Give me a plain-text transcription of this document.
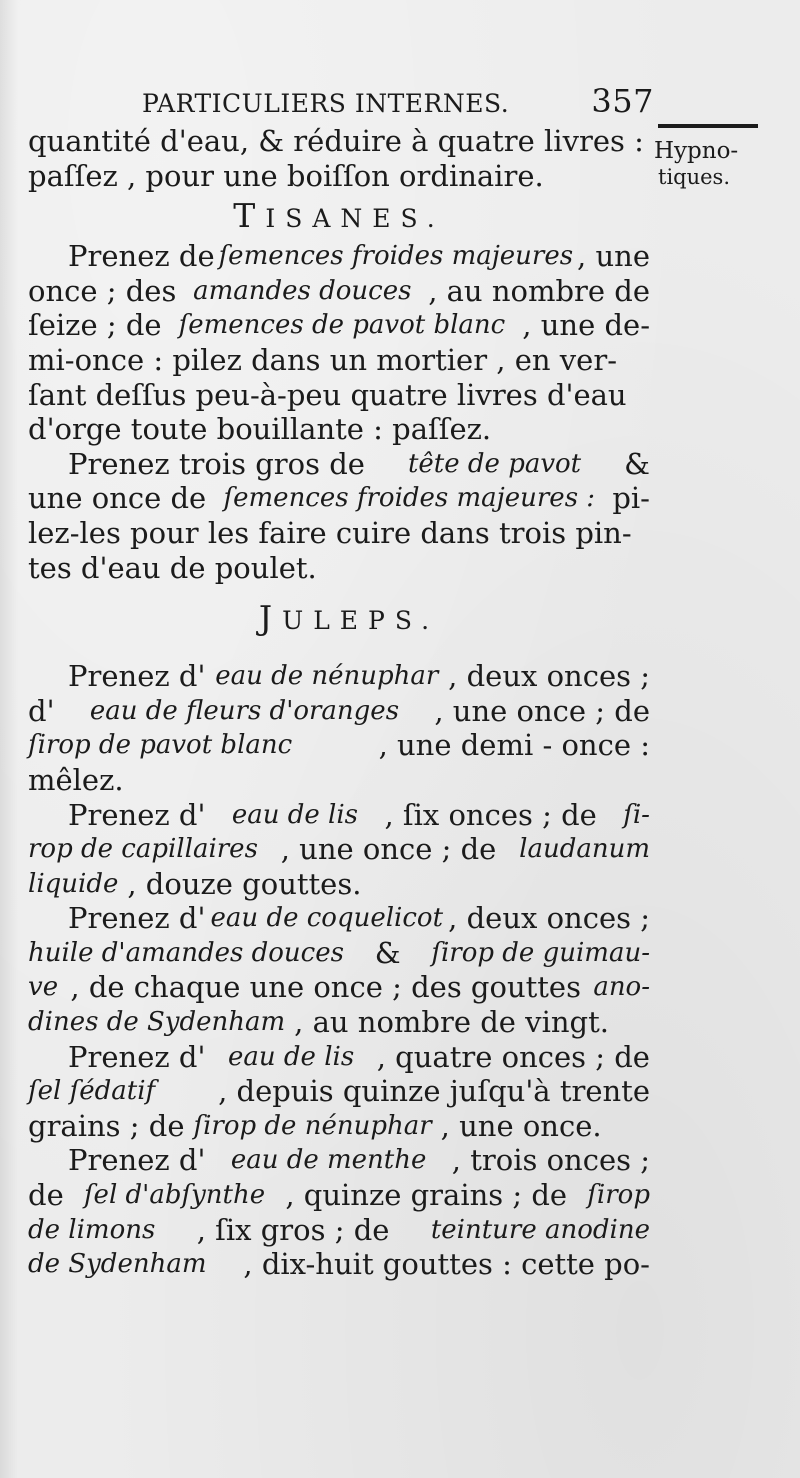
PARTICULIERS INTERNES.	357
Hypno-
tiques.
quantité d'eau, & réduire à quatre livres :
paſſez , pour une boiſſon ordinaire.
TISANES.
Prenez de ſemences froides majeures , une
once ; des amandes douces , au nombre de
ſeize ; de ſemences de pavot blanc , une de-
mi-once : pilez dans un mortier , en ver-
ſant deſſus peu-à-peu quatre livres d'eau
d'orge toute bouillante : paſſez.
Prenez trois gros de tête de pavot &
une once de ſemences froides majeures : pi-
lez-les pour les faire cuire dans trois pin-
tes d'eau de poulet.
JULEPS.
Prenez d' eau de nénuphar , deux onces ;
d' eau de fleurs d'oranges , une once ; de
ſirop de pavot blanc	, une demi - once :
mêlez.
Prenez d' eau de lis , ſix onces ; de ſi-
rop de capillaires , une once ; de laudanum
liquide , douze gouttes.
Prenez d' eau de coquelicot , deux onces ;
huile d'amandes douces & ſirop de guimau-
ve , de chaque une once ; des gouttes ano-
dines de Sydenham , au nombre de vingt.
Prenez d' eau de lis , quatre onces ; de
ſel ſédatif , depuis quinze juſqu'à trente
grains ; de ſirop de nénuphar , une once.
Prenez d' eau de menthe , trois onces ;
de ſel d'abſynthe , quinze grains ; de ſirop
de limons , ſix gros ; de teinture anodine
de Sydenham , dix-huit gouttes : cette po-
